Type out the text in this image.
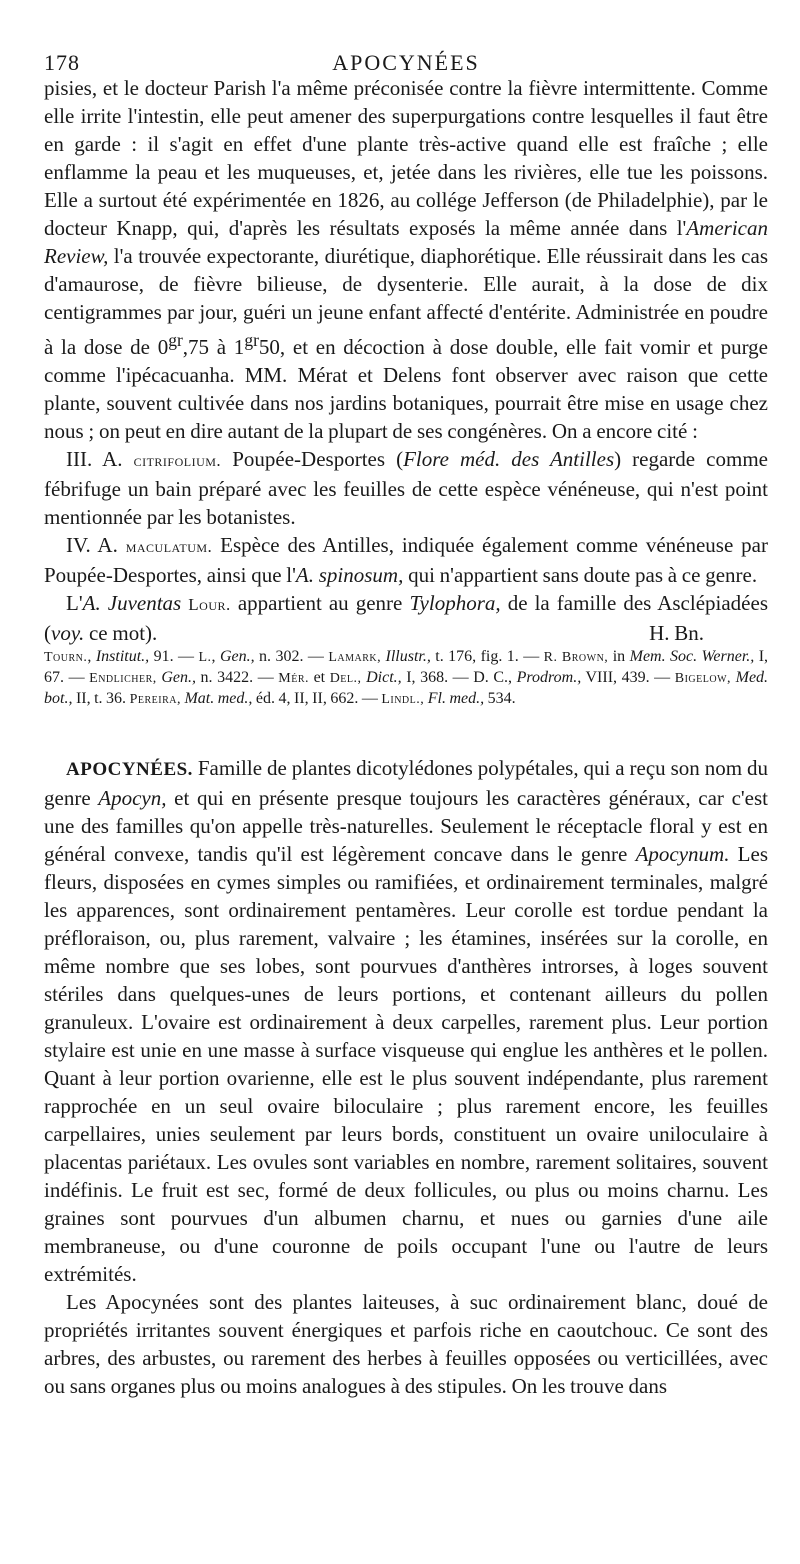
178	APOCYNÉES

pisies, et le docteur Parish l'a même préconisée contre la fièvre intermittente. Comme elle irrite l'intestin, elle peut amener des superpurgations contre lesquelles il faut être en garde : il s'agit en effet d'une plante très-active quand elle est fraîche ; elle enflamme la peau et les muqueuses, et, jetée dans les rivières, elle tue les poissons. Elle a surtout été expérimentée en 1826, au collége Jefferson (de Philadelphie), par le docteur Knapp, qui, d'après les résultats exposés la même année dans l'American Review, l'a trouvée expectorante, diurétique, diaphorétique. Elle réussirait dans les cas d'amaurose, de fièvre bilieuse, de dysenterie. Elle aurait, à la dose de dix centigrammes par jour, guéri un jeune enfant affecté d'entérite. Administrée en poudre à la dose de $0^{gr},75$ à $1^{gr}50$, et en décoction à dose double, elle fait vomir et purge comme l'ipécacuanha. MM. Mérat et Delens font observer avec raison que cette plante, souvent cultivée dans nos jardins botaniques, pourrait être mise en usage chez nous ; on peut en dire autant de la plupart de ses congénères. On a encore cité :

III. A. citrifolium. Poupée-Desportes (Flore méd. des Antilles) regarde comme fébrifuge un bain préparé avec les feuilles de cette espèce vénéneuse, qui n'est point mentionnée par les botanistes.

IV. A. maculatum. Espèce des Antilles, indiquée également comme vénéneuse par Poupée-Desportes, ainsi que l'A. spinosum, qui n'appartient sans doute pas à ce genre.

L'A. Juventas Lour. appartient au genre Tylophora, de la famille des Asclépiadées (voy. ce mot).	H. Bn.

Tourn., Institut., 91. — L., Gen., n. 302. — Lamark, Illustr., t. 176, fig. 1. — R. Brown, in Mem. Soc. Werner., I, 67. — Endlicher, Gen., n. 3422. — Mér. et Del., Dict., I, 368. — D. C., Prodrom., VIII, 439. — Bigelow, Med. bot., II, t. 36. Pereira, Mat. med., éd. 4, II, II, 662. — Lindl., Fl. med., 534.

APOCYNÉES. Famille de plantes dicotylédones polypétales, qui a reçu son nom du genre Apocyn, et qui en présente presque toujours les caractères généraux, car c'est une des familles qu'on appelle très-naturelles. Seulement le réceptacle floral y est en général convexe, tandis qu'il est légèrement concave dans le genre Apocynum. Les fleurs, disposées en cymes simples ou ramifiées, et ordinairement terminales, malgré les apparences, sont ordinairement pentamères. Leur corolle est tordue pendant la préfloraison, ou, plus rarement, valvaire ; les étamines, insérées sur la corolle, en même nombre que ses lobes, sont pourvues d'anthères introrses, à loges souvent stériles dans quelques-unes de leurs portions, et contenant ailleurs du pollen granuleux. L'ovaire est ordinairement à deux carpelles, rarement plus. Leur portion stylaire est unie en une masse à surface visqueuse qui englue les anthères et le pollen. Quant à leur portion ovarienne, elle est le plus souvent indépendante, plus rarement rapprochée en un seul ovaire biloculaire ; plus rarement encore, les feuilles carpellaires, unies seulement par leurs bords, constituent un ovaire uniloculaire à placentas pariétaux. Les ovules sont variables en nombre, rarement solitaires, souvent indéfinis. Le fruit est sec, formé de deux follicules, ou plus ou moins charnu. Les graines sont pourvues d'un albumen charnu, et nues ou garnies d'une aile membraneuse, ou d'une couronne de poils occupant l'une ou l'autre de leurs extrémités.

Les Apocynées sont des plantes laiteuses, à suc ordinairement blanc, doué de propriétés irritantes souvent énergiques et parfois riche en caoutchouc. Ce sont des arbres, des arbustes, ou rarement des herbes à feuilles opposées ou verticillées, avec ou sans organes plus ou moins analogues à des stipules. On les trouve dans
